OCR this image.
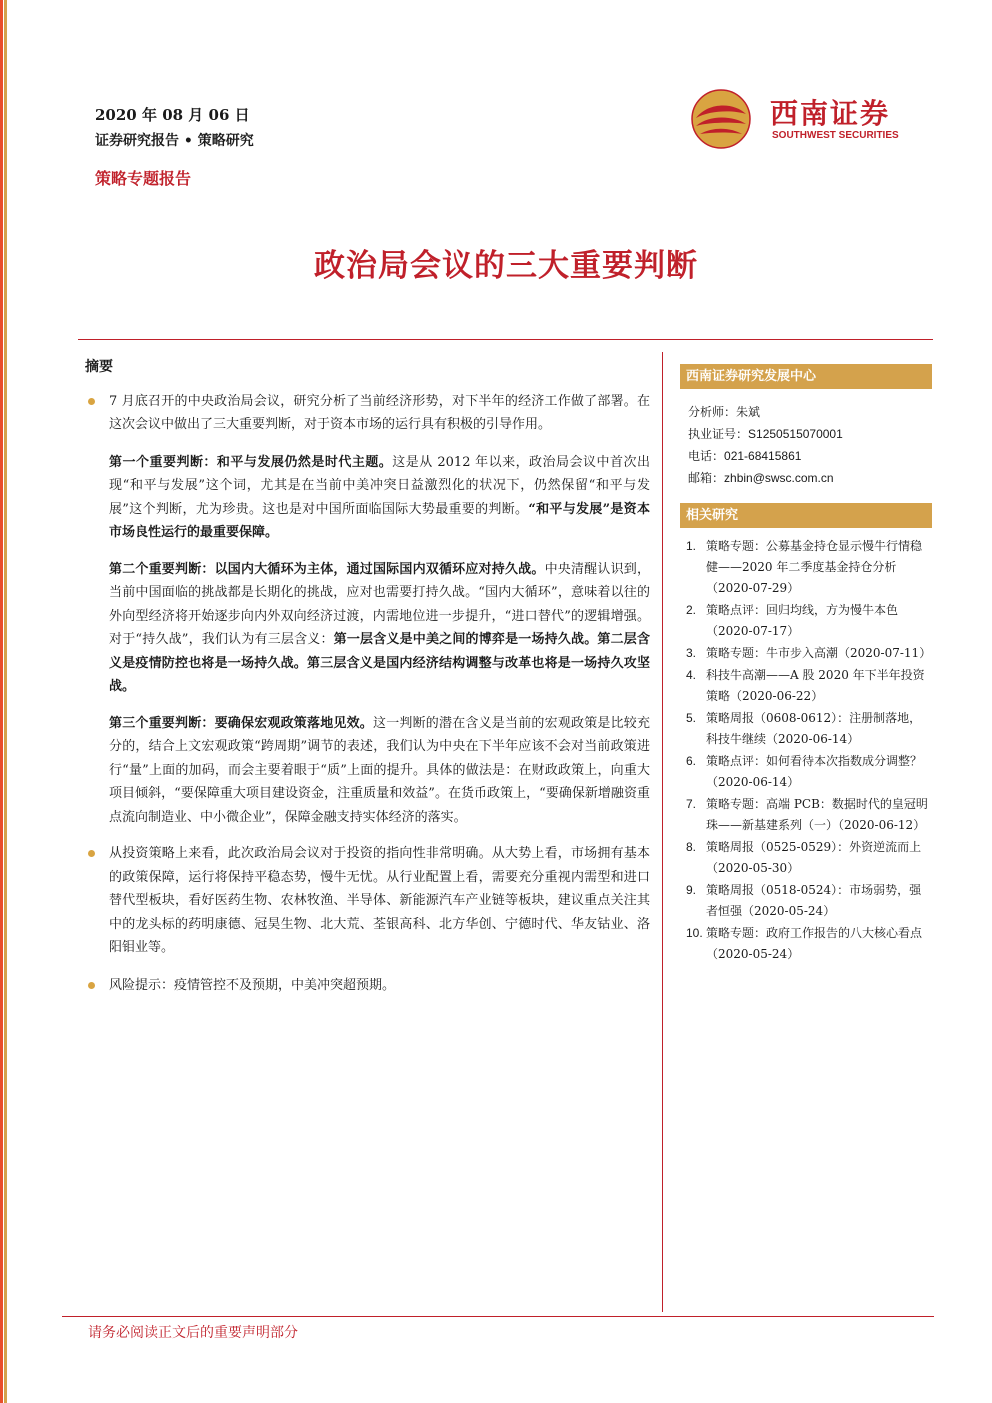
2020 年 08 月 06 日
证券研究报告 • 策略研究
策略专题报告
西南证券
SOUTHWEST SECURITIES
政治局会议的三大重要判断
摘要
7 月底召开的中央政治局会议，研究分析了当前经济形势，对下半年的经济工作做了部署。在这次会议中做出了三大重要判断，对于资本市场的运行具有积极的引导作用。
第一个重要判断：和平与发展仍然是时代主题。这是从 2012 年以来，政治局会议中首次出现“和平与发展”这个词，尤其是在当前中美冲突日益激烈化的状况下，仍然保留“和平与发展”这个判断，尤为珍贵。这也是对中国所面临国际大势最重要的判断。“和平与发展”是资本市场良性运行的最重要保障。
第二个重要判断：以国内大循环为主体，通过国际国内双循环应对持久战。中央清醒认识到，当前中国面临的挑战都是长期化的挑战，应对也需要打持久战。“国内大循环”，意味着以往的外向型经济将开始逐步向内外双向经济过渡，内需地位进一步提升，“进口替代”的逻辑增强。对于“持久战”，我们认为有三层含义：第一层含义是中美之间的博弈是一场持久战。第二层含义是疫情防控也将是一场持久战。第三层含义是国内经济结构调整与改革也将是一场持久攻坚战。
第三个重要判断：要确保宏观政策落地见效。这一判断的潜在含义是当前的宏观政策是比较充分的，结合上文宏观政策“跨周期”调节的表述，我们认为中央在下半年应该不会对当前政策进行“量”上面的加码，而会主要着眼于“质”上面的提升。具体的做法是：在财政政策上，向重大项目倾斜，“要保障重大项目建设资金，注重质量和效益”。在货币政策上，“要确保新增融资重点流向制造业、中小微企业”，保障金融支持实体经济的落实。
从投资策略上来看，此次政治局会议对于投资的指向性非常明确。从大势上看，市场拥有基本的政策保障，运行将保持平稳态势，慢牛无忧。从行业配置上看，需要充分重视内需型和进口替代型板块，看好医药生物、农林牧渔、半导体、新能源汽车产业链等板块，建议重点关注其中的龙头标的药明康德、冠昊生物、北大荒、荃银高科、北方华创、宁德时代、华友钴业、洛阳钼业等。
风险提示：疫情管控不及预期，中美冲突超预期。
西南证券研究发展中心
分析师：朱斌
执业证号：S1250515070001
电话：021-68415861
邮箱：zhbin@swsc.com.cn
相关研究
1. 策略专题：公募基金持仓显示慢牛行情稳健——2020 年二季度基金持仓分析（2020-07-29）
2. 策略点评：回归均线，方为慢牛本色（2020-07-17）
3. 策略专题：牛市步入高潮（2020-07-11）
4. 科技牛高潮——A 股 2020 年下半年投资策略（2020-06-22）
5. 策略周报（0608-0612）：注册制落地，科技牛继续（2020-06-14）
6. 策略点评：如何看待本次指数成分调整？（2020-06-14）
7. 策略专题：高端 PCB：数据时代的皇冠明珠——新基建系列（一）（2020-06-12）
8. 策略周报（0525-0529）：外资逆流而上（2020-05-30）
9. 策略周报（0518-0524）：市场弱势，强者恒强（2020-05-24）
10. 策略专题：政府工作报告的八大核心看点（2020-05-24）
请务必阅读正文后的重要声明部分
